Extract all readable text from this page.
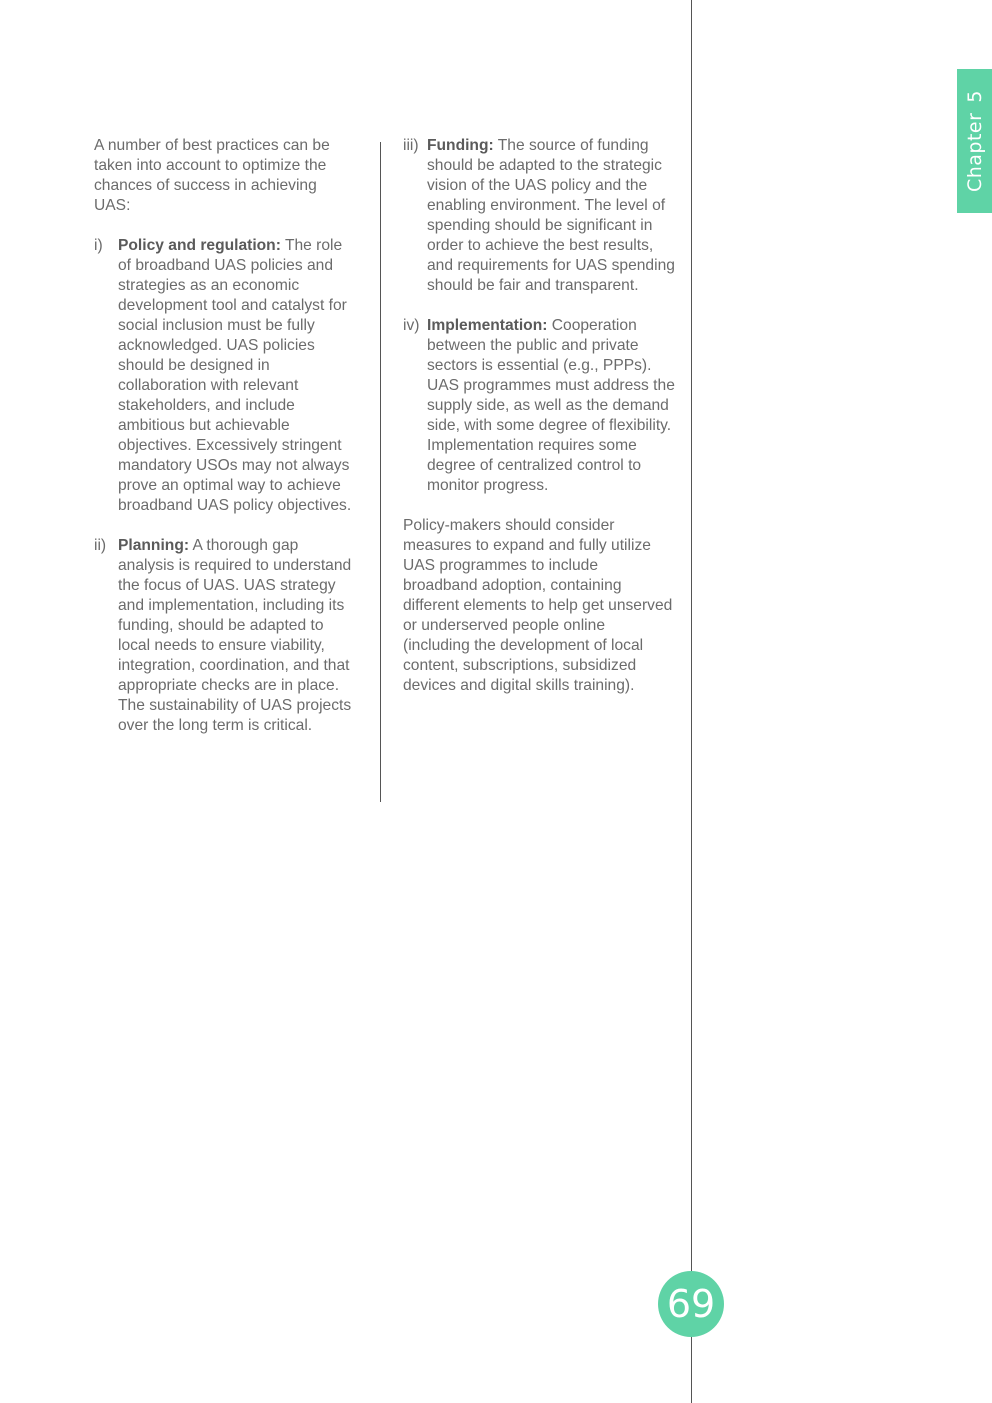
Chapter5

A number of best practices can be taken into account to optimize the chances of success in achieving UAS:

i) Policy and regulation: The role of broadband UAS policies and strategies as an economic development tool and catalyst for social inclusion must be fully acknowledged. UAS policies should be designed in collaboration with relevant stakeholders, and include ambitious but achievable objectives. Excessively stringent mandatory USOs may not always prove an optimal way to achieve broadband UAS policy objectives.
ii) Planning: A thorough gap analysis is required to understand the focus of UAS. UAS strategy and implementation, including its funding, should be adapted to local needs to ensure viability, integration, coordination, and that appropriate checks are in place. The sustainability of UAS projects over the long term is critical.
iii) Funding: The source of funding should be adapted to the strategic vision of the UAS policy and the enabling environment. The level of spending should be significant in order to achieve the best results, and requirements for UAS spending should be fair and transparent.
iv) Implementation: Cooperation between the public and private sectors is essential (e.g., PPPs). UAS programmes must address the supply side, as well as the demand side, with some degree of flexibility. Implementation requires some degree of centralized control to monitor progress.

Policy-makers should consider measures to expand and fully utilize UAS programmes to include broadband adoption, containing different elements to help get unserved or underserved people online (including the development of local content, subscriptions, subsidized devices and digital skills training).

69
